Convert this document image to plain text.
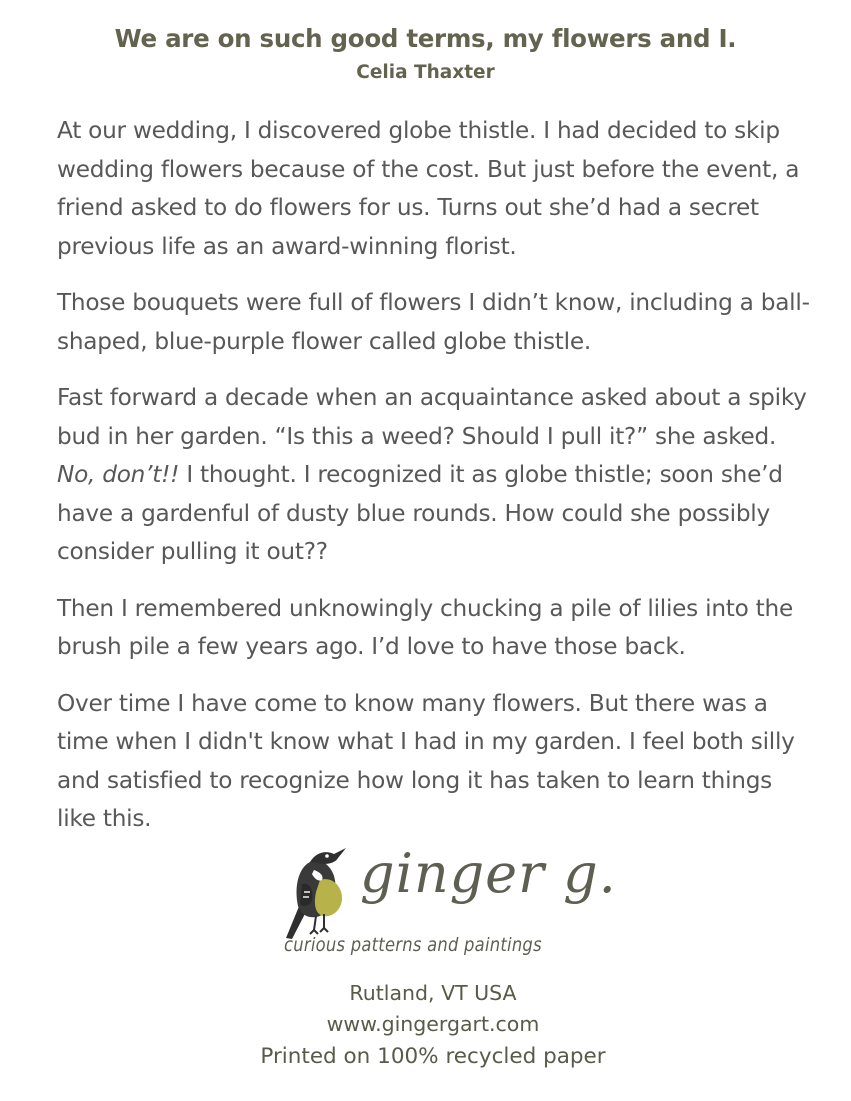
We are on such good terms, my flowers and I.
Celia Thaxter

At our wedding, I discovered globe thistle. I had decided to skip wedding flowers because of the cost. But just before the event, a friend asked to do flowers for us. Turns out she’d had a secret previous life as an award-winning florist.

Those bouquets were full of flowers I didn’t know, including a ball-shaped, blue-purple flower called globe thistle.

Fast forward a decade when an acquaintance asked about a spiky bud in her garden. “Is this a weed? Should I pull it?” she asked. No, don’t!! I thought. I recognized it as globe thistle; soon she’d have a gardenful of dusty blue rounds. How could she possibly consider pulling it out??

Then I remembered unknowingly chucking a pile of lilies into the brush pile a few years ago. I’d love to have those back.

Over time I have come to know many flowers. But there was a time when I didn't know what I had in my garden. I feel both silly and satisfied to recognize how long it has taken to learn things like this.

ginger g.
curious patterns and paintings
Rutland, VT USA
www.gingergart.com
Printed on 100% recycled paper
